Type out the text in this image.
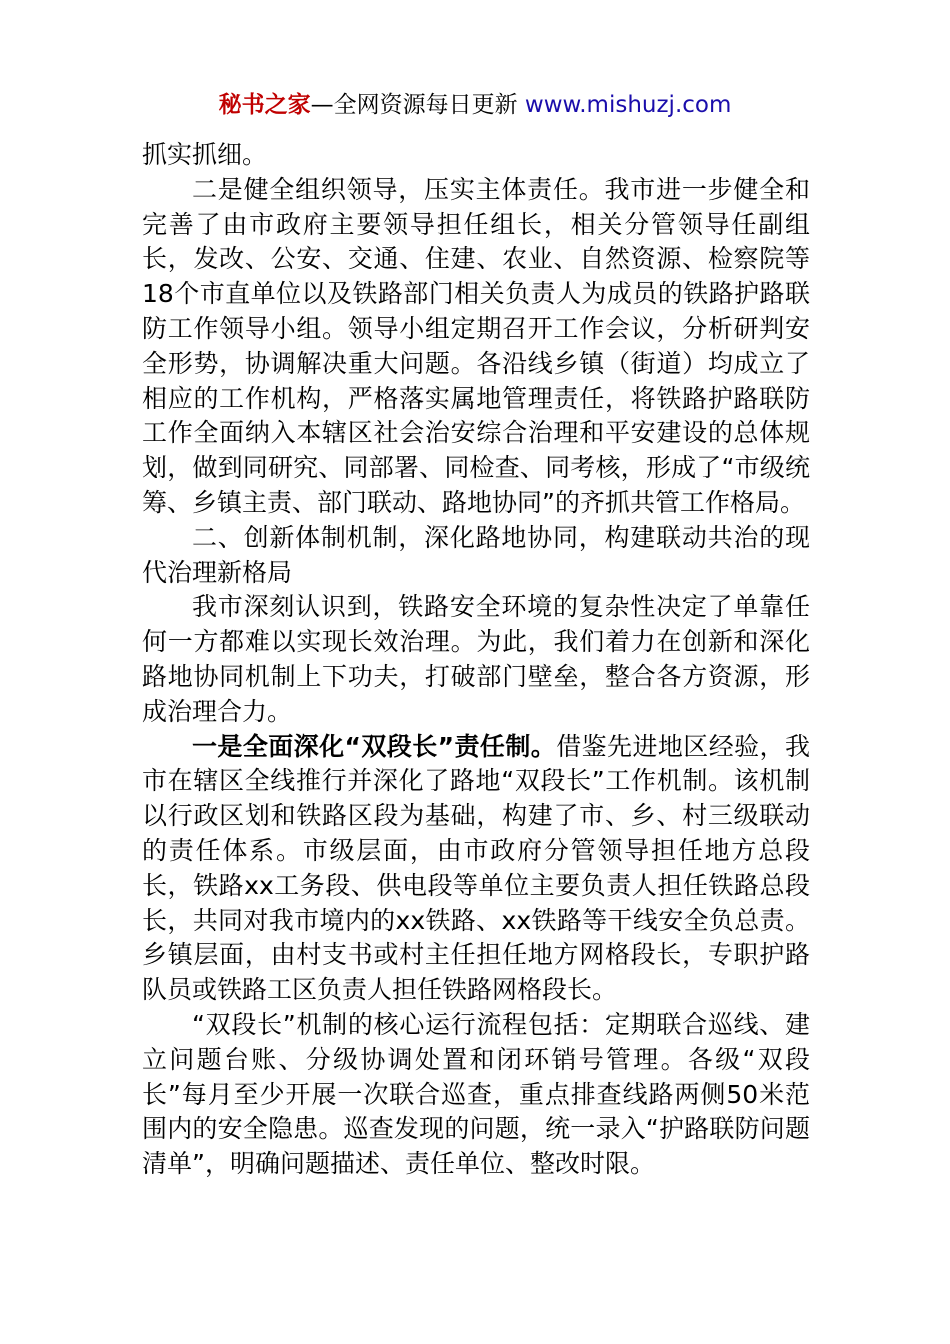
秘书之家—全网资源每日更新 www.mishuzj.com

抓实抓细。

二是健全组织领导，压实主体责任。我市进一步健全和完善了由市政府主要领导担任组长，相关分管领导任副组长，发改、公安、交通、住建、农业、自然资源、检察院等18个市直单位以及铁路部门相关负责人为成员的铁路护路联防工作领导小组。领导小组定期召开工作会议，分析研判安全形势，协调解决重大问题。各沿线乡镇（街道）均成立了相应的工作机构，严格落实属地管理责任，将铁路护路联防工作全面纳入本辖区社会治安综合治理和平安建设的总体规划，做到同研究、同部署、同检查、同考核，形成了“市级统筹、乡镇主责、部门联动、路地协同”的齐抓共管工作格局。

二、创新体制机制，深化路地协同，构建联动共治的现代治理新格局

我市深刻认识到，铁路安全环境的复杂性决定了单靠任何一方都难以实现长效治理。为此，我们着力在创新和深化路地协同机制上下功夫，打破部门壁垒，整合各方资源，形成治理合力。

一是全面深化“双段长”责任制。借鉴先进地区经验，我市在辖区全线推行并深化了路地“双段长”工作机制。该机制以行政区划和铁路区段为基础，构建了市、乡、村三级联动的责任体系。市级层面，由市政府分管领导担任地方总段长，铁路xx工务段、供电段等单位主要负责人担任铁路总段长，共同对我市境内的xx铁路、xx铁路等干线安全负总责。乡镇层面，由村支书或村主任担任地方网格段长，专职护路队员或铁路工区负责人担任铁路网格段长。

“双段长”机制的核心运行流程包括：定期联合巡线、建立问题台账、分级协调处置和闭环销号管理。各级“双段长”每月至少开展一次联合巡查，重点排查线路两侧50米范围内的安全隐患。巡查发现的问题，统一录入“护路联防问题清单”，明确问题描述、责任单位、整改时限。
